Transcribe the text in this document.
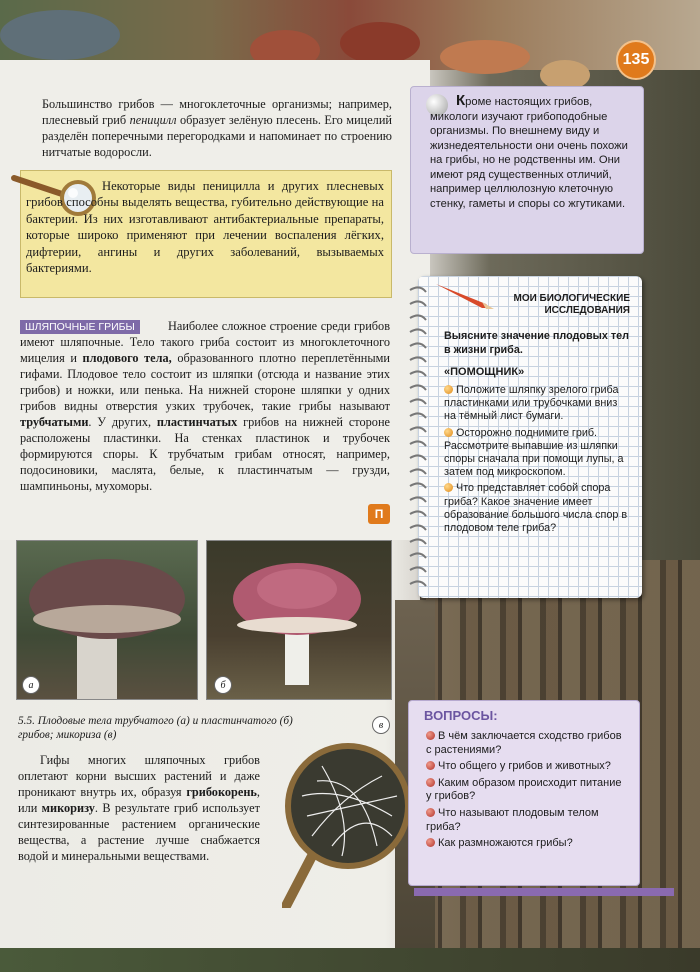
135
Большинство грибов — многоклеточные организмы; например, плесневый гриб пеницилл образует зелёную плесень. Его мицелий разделён поперечными перегородками и напоминает по строению нитчатые водоросли.
Некоторые виды пеницилла и других плесневых грибов способны выделять вещества, губительно действующие на бактерии. Из них изготавливают антибактериальные препараты, которые широко применяют при лечении воспаления лёгких, дифтерии, ангины и других заболеваний, вызываемых бактериями.
Кроме настоящих грибов, микологи изучают грибоподобные организмы. По внешнему виду и жизнедеятельности они очень похожи на грибы, но не родственны им. Они имеют ряд существенных отличий, например целлюлозную клеточную стенку, гаметы и споры со жгутиками.
ШЛЯПОЧНЫЕ ГРИБЫ	Наиболее сложное строение среди грибов имеют шляпочные. Тело такого гриба состоит из многоклеточного мицелия и плодового тела, образованного плотно переплетёнными гифами. Плодовое тело состоит из шляпки (отсюда и название этих грибов) и ножки, или пенька. На нижней стороне шляпки у одних грибов видны отверстия узких трубочек, такие грибы называют трубчатыми. У других, пластинчатых грибов на нижней стороне расположены пластинки. На стенках пластинок и трубочек формируются споры. К трубчатым грибам относят, например, подосиновики, маслята, белые, к пластинчатым — грузди, шампиньоны, мухоморы.
П
а	б
МОИ БИОЛОГИЧЕСКИЕ ИССЛЕДОВАНИЯ
Выясните значение плодовых тел в жизни гриба.
«ПОМОЩНИК»
Положите шляпку зрелого гриба пластинками или трубочками вниз на тёмный лист бумаги.
Осторожно поднимите гриб. Рассмотрите выпавшие из шляпки споры сначала при помощи лупы, а затем под микроскопом.
Что представляет собой спора гриба? Какое значение имеет образование большого числа спор в плодовом теле гриба?
5.5. Плодовые тела трубчатого (а) и пластинчатого (б) грибов; микориза (в)
Гифы многих шляпочных грибов оплетают корни высших растений и даже проникают внутрь их, образуя грибокорень, или микоризу. В результате гриб использует синтезированные растением органические вещества, а растение лучше снабжается водой и минеральными веществами.
в
ВОПРОСЫ:
В чём заключается сходство грибов с растениями?
Что общего у грибов и животных?
Каким образом происходит питание у грибов?
Что называют плодовым телом гриба?
Как размножаются грибы?
